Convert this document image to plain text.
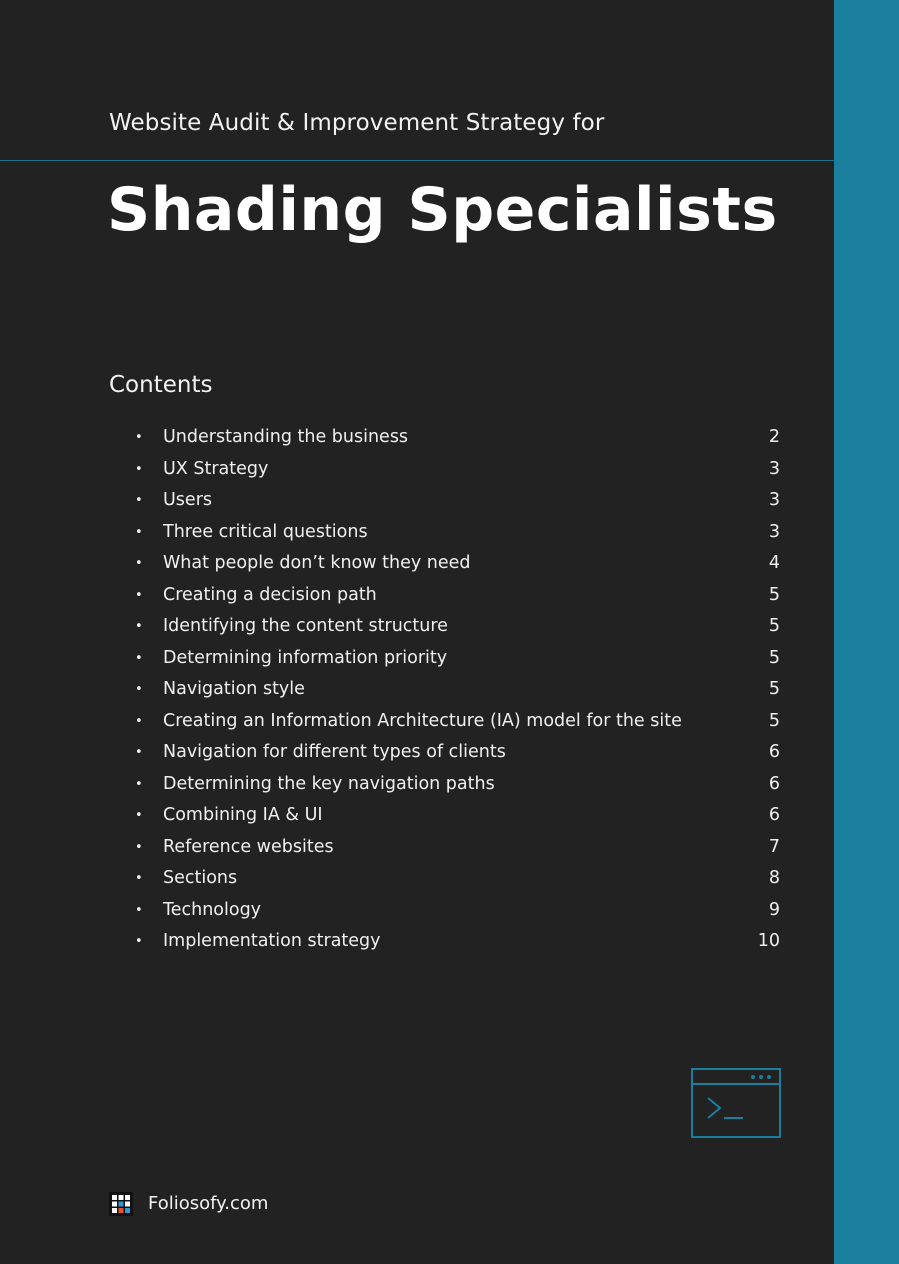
Website Audit & Improvement Strategy for

Shading Specialists
Contents
• Understanding the business	2
• UX Strategy	3
• Users	3
• Three critical questions	3
• What people don’t know they need	4
• Creating a decision path	5
• Identifying the content structure	5
• Determining information priority	5
• Navigation style	5
• Creating an Information Architecture (IA) model for the site	5
• Navigation for different types of clients	6
• Determining the key navigation paths	6
• Combining IA & UI	6
• Reference websites	7
• Sections	8
• Technology	9
• Implementation strategy	10
Foliosofy.com
